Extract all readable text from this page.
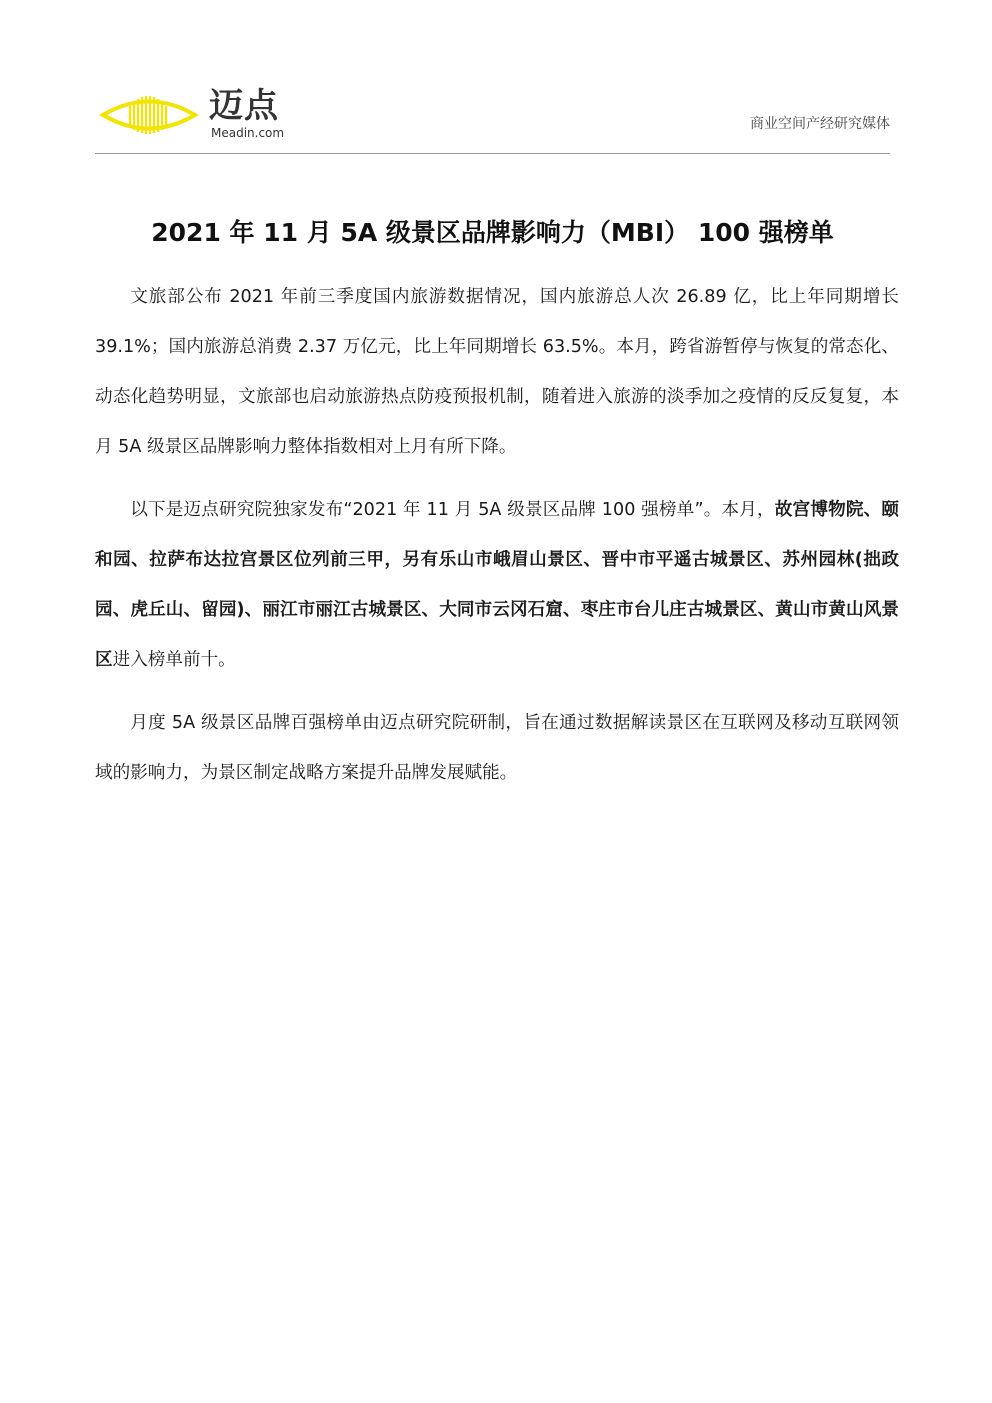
迈点
Meadin.com
商业空间产经研究媒体
2021 年 11 月 5A 级景区品牌影响力（MBI） 100 强榜单

文旅部公布 2021 年前三季度国内旅游数据情况，国内旅游总人次 26.89 亿，比上年同期增长 39.1%；国内旅游总消费 2.37 万亿元，比上年同期增长 63.5%。本月，跨省游暂停与恢复的常态化、动态化趋势明显，文旅部也启动旅游热点防疫预报机制，随着进入旅游的淡季加之疫情的反反复复，本月 5A 级景区品牌影响力整体指数相对上月有所下降。

以下是迈点研究院独家发布“2021 年 11 月 5A 级景区品牌 100 强榜单”。本月，故宫博物院、颐和园、拉萨布达拉宫景区位列前三甲，另有乐山市峨眉山景区、晋中市平遥古城景区、苏州园林(拙政园、虎丘山、留园)、丽江市丽江古城景区、大同市云冈石窟、枣庄市台儿庄古城景区、黄山市黄山风景区进入榜单前十。

月度 5A 级景区品牌百强榜单由迈点研究院研制，旨在通过数据解读景区在互联网及移动互联网领域的影响力，为景区制定战略方案提升品牌发展赋能。
